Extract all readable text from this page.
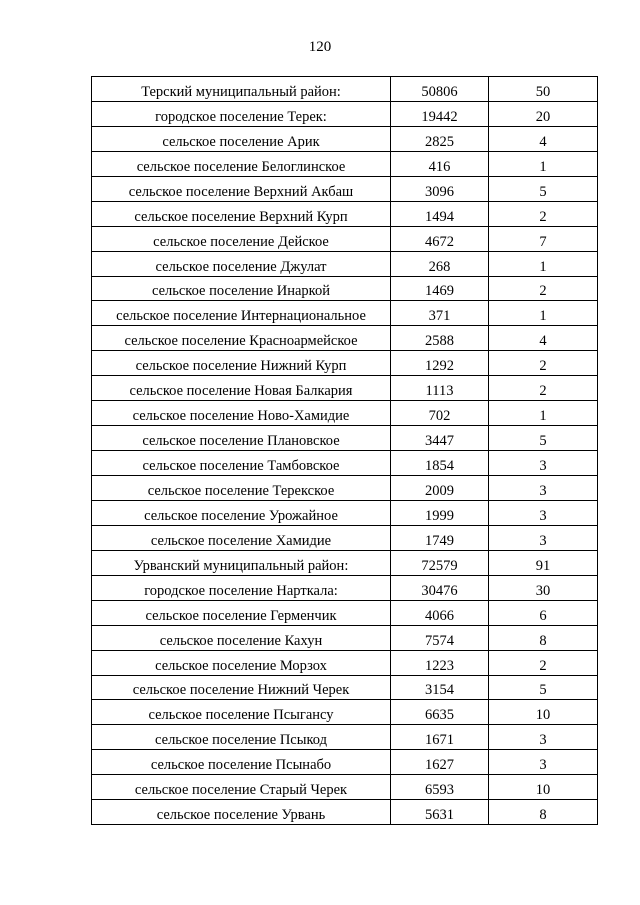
120
Терский муниципальный район:	50806	50
городское поселение Терек:	19442	20
сельское поселение Арик	2825	4
сельское поселение Белоглинское	416	1
сельское поселение Верхний Акбаш	3096	5
сельское поселение Верхний Курп	1494	2
сельское поселение Дейское	4672	7
сельское поселение Джулат	268	1
сельское поселение Инаркой	1469	2
сельское поселение Интернациональное	371	1
сельское поселение Красноармейское	2588	4
сельское поселение Нижний Курп	1292	2
сельское поселение Новая Балкария	1113	2
сельское поселение Ново-Хамидие	702	1
сельское поселение Плановское	3447	5
сельское поселение Тамбовское	1854	3
сельское поселение Терекское	2009	3
сельское поселение Урожайное	1999	3
сельское поселение Хамидие	1749	3
Урванский муниципальный район:	72579	91
городское поселение Нарткала:	30476	30
сельское поселение Герменчик	4066	6
сельское поселение Кахун	7574	8
сельское поселение Морзох	1223	2
сельское поселение Нижний Черек	3154	5
сельское поселение Псыгансу	6635	10
сельское поселение Псыкод	1671	3
сельское поселение Псынабо	1627	3
сельское поселение Старый Черек	6593	10
сельское поселение Урвань	5631	8
